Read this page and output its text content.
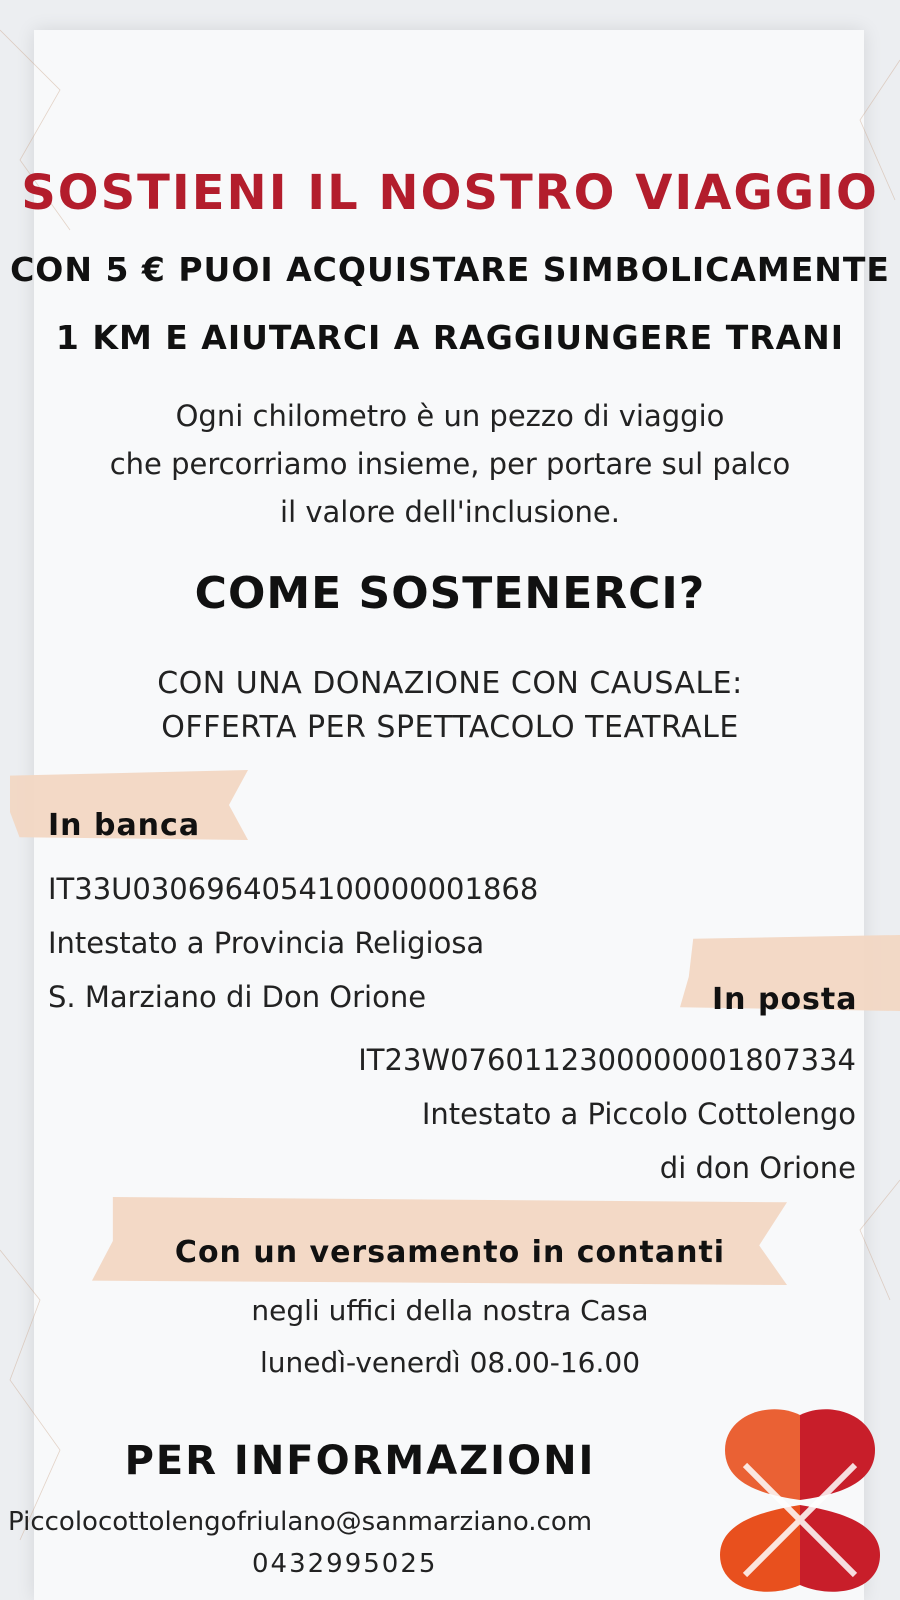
SOSTIENI IL NOSTRO VIAGGIO
CON 5 € PUOI ACQUISTARE SIMBOLICAMENTE
1 KM E AIUTARCI A RAGGIUNGERE TRANI
Ogni chilometro è un pezzo di viaggio
che percorriamo insieme, per portare sul palco
il valore dell'inclusione.
COME SOSTENERCI?
CON UNA DONAZIONE CON CAUSALE:
OFFERTA PER SPETTACOLO TEATRALE
In banca
IT33U0306964054100000001868
Intestato a Provincia Religiosa
S. Marziano di Don Orione	In posta
IT23W0760112300000001807334
Intestato a Piccolo Cottolengo
di don Orione
Con un versamento in contanti
negli uffici della nostra Casa
lunedì-venerdì 08.00-16.00
PER INFORMAZIONI
Piccolocottolengofriulano@sanmarziano.com
0432995025
